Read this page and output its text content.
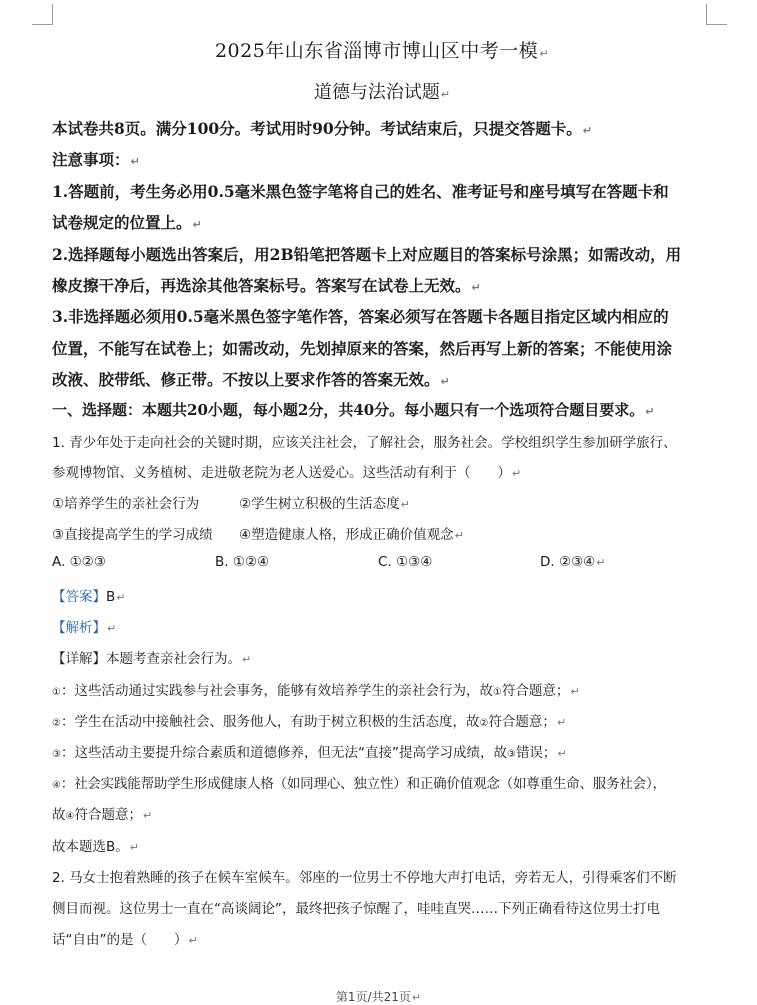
2025年山东省淄博市博山区中考一模↵
道德与法治试题↵
本试卷共8页。满分100分。考试用时90分钟。考试结束后，只提交答题卡。↵
注意事项：↵
1.答题前，考生务必用0.5毫米黑色签字笔将自己的姓名、准考证号和座号填写在答题卡和
试卷规定的位置上。↵
2.选择题每小题选出答案后，用2B铅笔把答题卡上对应题目的答案标号涂黑；如需改动，用
橡皮擦干净后，再选涂其他答案标号。答案写在试卷上无效。↵
3.非选择题必须用0.5毫米黑色签字笔作答，答案必须写在答题卡各题目指定区域内相应的
位置，不能写在试卷上；如需改动，先划掉原来的答案，然后再写上新的答案；不能使用涂
改液、胶带纸、修正带。不按以上要求作答的答案无效。↵
一、选择题：本题共20小题，每小题2分，共40分。每小题只有一个选项符合题目要求。↵
1. 青少年处于走向社会的关键时期，应该关注社会，了解社会，服务社会。学校组织学生参加研学旅行、
参观博物馆、义务植树、走进敬老院为老人送爱心。这些活动有利于（　　）↵
①培养学生的亲社会行为	②学生树立积极的生活态度↵
③直接提高学生的学习成绩 ④塑造健康人格，形成正确价值观念↵
A. ①②③	B. ①②④	C. ①③④	D. ②③④↵
【答案】B↵
【解析】↵
【详解】本题考查亲社会行为。↵
①：这些活动通过实践参与社会事务，能够有效培养学生的亲社会行为，故①符合题意；↵
②：学生在活动中接触社会、服务他人，有助于树立积极的生活态度，故②符合题意；↵
③：这些活动主要提升综合素质和道德修养，但无法“直接”提高学习成绩，故③错误；↵
④：社会实践能帮助学生形成健康人格（如同理心、独立性）和正确价值观念（如尊重生命、服务社会），
故④符合题意；↵
故本题选B。↵
2. 马女士抱着熟睡的孩子在候车室候车。邻座的一位男士不停地大声打电话，旁若无人，引得乘客们不断
侧目而视。这位男士一直在“高谈阔论”，最终把孩子惊醒了，哇哇直哭……下列正确看待这位男士打电
话“自由”的是（　　）↵
第1页/共21页↵
